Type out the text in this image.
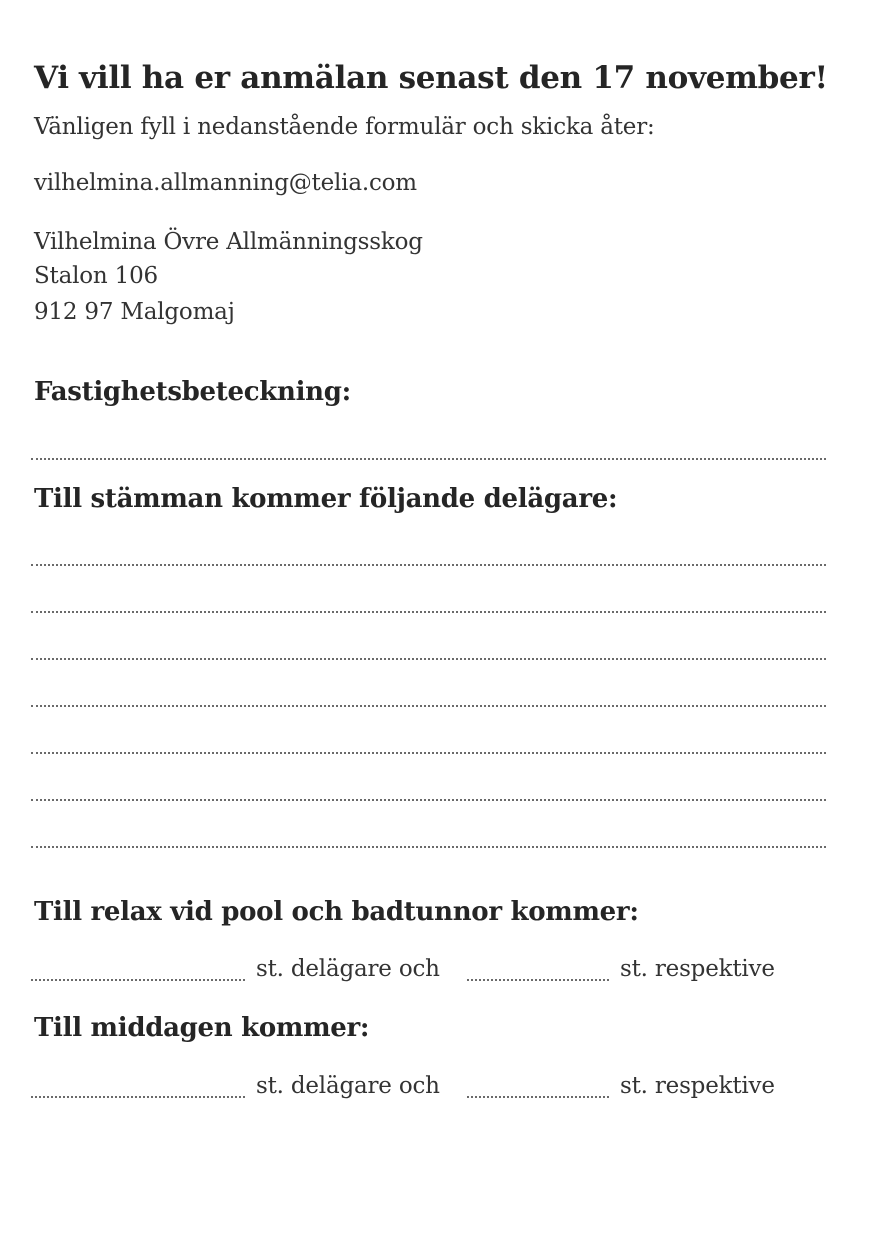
Vi vill ha er anmälan senast den 17 november!
Vänligen fyll i nedanstående formulär och skicka åter:
vilhelmina.allmanning@telia.com
Vilhelmina Övre Allmänningsskog
Stalon 106
912 97 Malgomaj
Fastighetsbeteckning:
Till stämman kommer följande delägare:
Till relax vid pool och badtunnor kommer:
st. delägare och	st. respektive
Till middagen kommer:
st. delägare och	st. respektive
